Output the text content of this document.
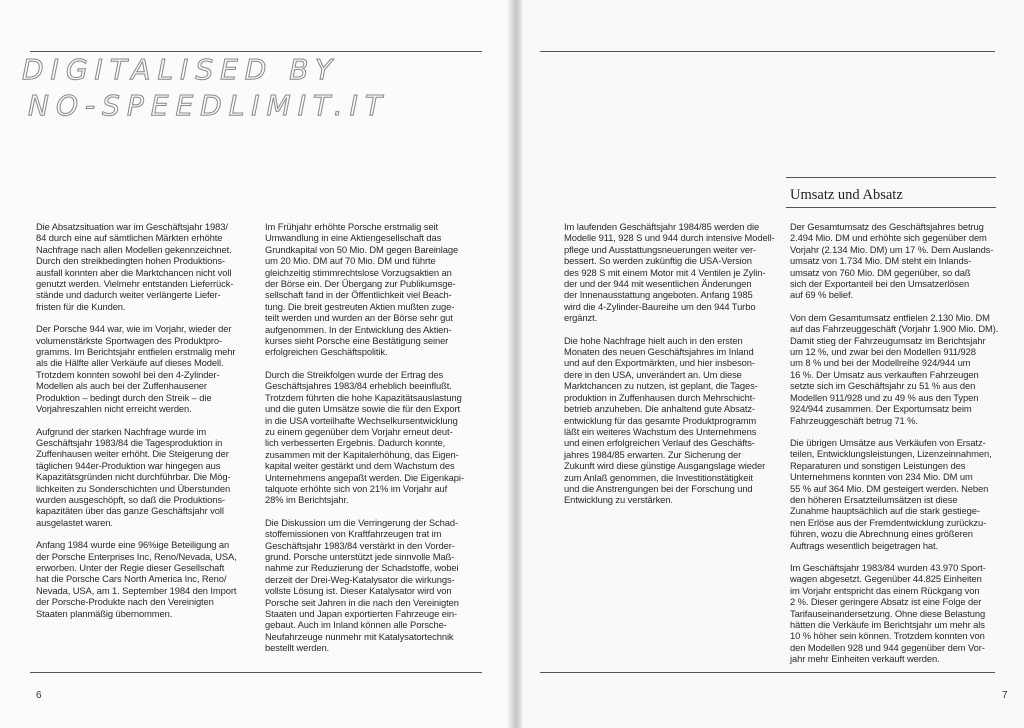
DIGITALISED BY
NO-SPEEDLIMIT.IT
Umsatz und Absatz

Die Absatzsituation war im Geschäftsjahr 1983/
84 durch eine auf sämtlichen Märkten erhöhte
Nachfrage nach allen Modellen gekennzeichnet.
Durch den streikbedingten hohen Produktions-
ausfall konnten aber die Marktchancen nicht voll
genutzt werden. Vielmehr entstanden Lieferrück-
stände und dadurch weiter verlängerte Liefer-
fristen für die Kunden.

Der Porsche 944 war, wie im Vorjahr, wieder der
volumenstärkste Sportwagen des Produktpro-
gramms. Im Berichtsjahr entfielen erstmalig mehr
als die Hälfte aller Verkäufe auf dieses Modell.
Trotzdem konnten sowohl bei den 4-Zylinder-
Modellen als auch bei der Zuffenhausener
Produktion – bedingt durch den Streik – die
Vorjahreszahlen nicht erreicht werden.

Aufgrund der starken Nachfrage wurde im
Geschäftsjahr 1983/84 die Tagesproduktion in
Zuffenhausen weiter erhöht. Die Steigerung der
täglichen 944er-Produktion war hingegen aus
Kapazitätsgründen nicht durchführbar. Die Mög-
lichkeiten zu Sonderschichten und Überstunden
wurden ausgeschöpft, so daß die Produktions-
kapazitäten über das ganze Geschäftsjahr voll
ausgelastet waren.

Anfang 1984 wurde eine 96%ige Beteiligung an
der Porsche Enterprises Inc, Reno/Nevada, USA,
erworben. Unter der Regie dieser Gesellschaft
hat die Porsche Cars North America Inc, Reno/
Nevada, USA, am 1. September 1984 den Import
der Porsche-Produkte nach den Vereinigten
Staaten planmäßig übernommen.

Im Frühjahr erhöhte Porsche erstmalig seit
Umwandlung in eine Aktiengesellschaft das
Grundkapital von 50 Mio. DM gegen Bareinlage
um 20 Mio. DM auf 70 Mio. DM und führte
gleichzeitig stimmrechtslose Vorzugsaktien an
der Börse ein. Der Übergang zur Publikumsge-
sellschaft fand in der Öffentlichkeit viel Beach-
tung. Die breit gestreuten Aktien mußten zuge-
teilt werden und wurden an der Börse sehr gut
aufgenommen. In der Entwicklung des Aktien-
kurses sieht Porsche eine Bestätigung seiner
erfolgreichen Geschäftspolitik.

Durch die Streikfolgen wurde der Ertrag des
Geschäftsjahres 1983/84 erheblich beeinflußt.
Trotzdem führten die hohe Kapazitätsauslastung
und die guten Umsätze sowie die für den Export
in die USA vorteilhafte Wechselkursentwicklung
zu einem gegenüber dem Vorjahr erneut deut-
lich verbesserten Ergebnis. Dadurch konnte,
zusammen mit der Kapitalerhöhung, das Eigen-
kapital weiter gestärkt und dem Wachstum des
Unternehmens angepaßt werden. Die Eigenkapi-
talquote erhöhte sich von 21% im Vorjahr auf
28% im Berichtsjahr.

Die Diskussion um die Verringerung der Schad-
stoffemissionen von Kraftfahrzeugen trat im
Geschäftsjahr 1983/84 verstärkt in den Vorder-
grund. Porsche unterstützt jede sinnvolle Maß-
nahme zur Reduzierung der Schadstoffe, wobei
derzeit der Drei-Weg-Katalysator die wirkungs-
vollste Lösung ist. Dieser Katalysator wird von
Porsche seit Jahren in die nach den Vereinigten
Staaten und Japan exportierten Fahrzeuge ein-
gebaut. Auch im Inland können alle Porsche-
Neufahrzeuge nunmehr mit Katalysatortechnik
bestellt werden.

Im laufenden Geschäftsjahr 1984/85 werden die
Modelle 911, 928 S und 944 durch intensive Modell-
pflege und Ausstattungsneuerungen weiter ver-
bessert. So werden zukünftig die USA-Version
des 928 S mit einem Motor mit 4 Ventilen je Zylin-
der und der 944 mit wesentlichen Änderungen
der Innenausstattung angeboten. Anfang 1985
wird die 4-Zylinder-Baureihe um den 944 Turbo
ergänzt.

Die hohe Nachfrage hielt auch in den ersten
Monaten des neuen Geschäftsjahres im Inland
und auf den Exportmärkten, und hier insbeson-
dere in den USA, unverändert an. Um diese
Marktchancen zu nutzen, ist geplant, die Tages-
produktion in Zuffenhausen durch Mehrschicht-
betrieb anzuheben. Die anhaltend gute Absatz-
entwicklung für das gesamte Produktprogramm
läßt ein weiteres Wachstum des Unternehmens
und einen erfolgreichen Verlauf des Geschäfts-
jahres 1984/85 erwarten. Zur Sicherung der
Zukunft wird diese günstige Ausgangslage wieder
zum Anlaß genommen, die Investitionstätigkeit
und die Anstrengungen bei der Forschung und
Entwicklung zu verstärken.

Der Gesamtumsatz des Geschäftsjahres betrug
2.494 Mio. DM und erhöhte sich gegenüber dem
Vorjahr (2.134 Mio. DM) um 17 %. Dem Auslands-
umsatz von 1.734 Mio. DM steht ein Inlands-
umsatz von 760 Mio. DM gegenüber, so daß
sich der Exportanteil bei den Umsatzerlösen
auf 69 % belief.

Von dem Gesamtumsatz entfielen 2.130 Mio. DM
auf das Fahrzeuggeschäft (Vorjahr 1.900 Mio. DM).
Damit stieg der Fahrzeugumsatz im Berichtsjahr
um 12 %, und zwar bei den Modellen 911/928
um 8 % und bei der Modellreihe 924/944 um
16 %. Der Umsatz aus verkauften Fahrzeugen
setzte sich im Geschäftsjahr zu 51 % aus den
Modellen 911/928 und zu 49 % aus den Typen
924/944 zusammen. Der Exportumsatz beim
Fahrzeuggeschäft betrug 71 %.

Die übrigen Umsätze aus Verkäufen von Ersatz-
teilen, Entwicklungsleistungen, Lizenzeinnahmen,
Reparaturen und sonstigen Leistungen des
Unternehmens konnten von 234 Mio. DM um
55 % auf 364 Mio. DM gesteigert werden. Neben
den höheren Ersatzteilumsätzen ist diese
Zunahme hauptsächlich auf die stark gestiege-
nen Erlöse aus der Fremdentwicklung zurückzu-
führen, wozu die Abrechnung eines größeren
Auftrags wesentlich beigetragen hat.

Im Geschäftsjahr 1983/84 wurden 43.970 Sport-
wagen abgesetzt. Gegenüber 44.825 Einheiten
im Vorjahr entspricht das einem Rückgang von
2 %. Dieser geringere Absatz ist eine Folge der
Tarifauseinandersetzung. Ohne diese Belastung
hätten die Verkäufe im Berichtsjahr um mehr als
10 % höher sein können. Trotzdem konnten von
den Modellen 928 und 944 gegenüber dem Vor-
jahr mehr Einheiten verkauft werden.

6	7
